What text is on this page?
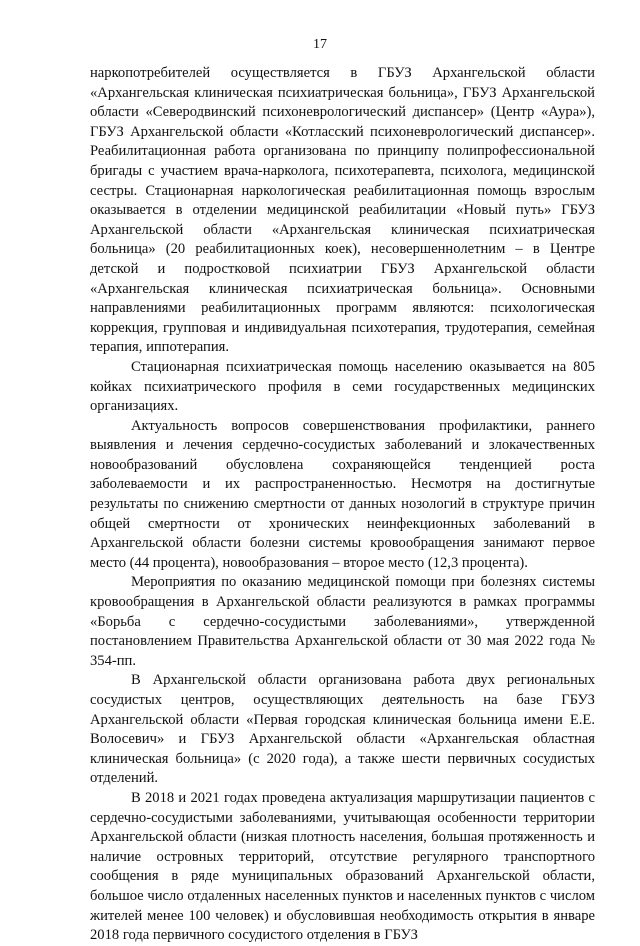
17

наркопотребителей осуществляется в ГБУЗ Архангельской области «Архангельская клиническая психиатрическая больница», ГБУЗ Архангельской области «Северодвинский психоневрологический диспансер» (Центр «Аура»), ГБУЗ Архангельской области «Котласский психоневрологический диспансер». Реабилитационная работа организована по принципу полипрофессиональной бригады с участием врача-нарколога, психотерапевта, психолога, медицинской сестры. Стационарная наркологическая реабилитационная помощь взрослым оказывается в отделении медицинской реабилитации «Новый путь» ГБУЗ Архангельской области «Архангельская клиническая психиатрическая больница» (20 реабилитационных коек), несовершеннолетним – в Центре детской и подростковой психиатрии ГБУЗ Архангельской области «Архангельская клиническая психиатрическая больница». Основными направлениями реабилитационных программ являются: психологическая коррекция, групповая и индивидуальная психотерапия, трудотерапия, семейная терапия, иппотерапия.

Стационарная психиатрическая помощь населению оказывается на 805 койках психиатрического профиля в семи государственных медицинских организациях.

Актуальность вопросов совершенствования профилактики, раннего выявления и лечения сердечно-сосудистых заболеваний и злокачественных новообразований обусловлена сохраняющейся тенденцией роста заболеваемости и их распространенностью. Несмотря на достигнутые результаты по снижению смертности от данных нозологий в структуре причин общей смертности от хронических неинфекционных заболеваний в Архангельской области болезни системы кровообращения занимают первое место (44 процента), новообразования – второе место (12,3 процента).

Мероприятия по оказанию медицинской помощи при болезнях системы кровообращения в Архангельской области реализуются в рамках программы «Борьба с сердечно-сосудистыми заболеваниями», утвержденной постановлением Правительства Архангельской области от 30 мая 2022 года № 354-пп.

В Архангельской области организована работа двух региональных сосудистых центров, осуществляющих деятельность на базе ГБУЗ Архангельской области «Первая городская клиническая больница имени Е.Е. Волосевич» и ГБУЗ Архангельской области «Архангельская областная клиническая больница» (с 2020 года), а также шести первичных сосудистых отделений.

В 2018 и 2021 годах проведена актуализация маршрутизации пациентов с сердечно-сосудистыми заболеваниями, учитывающая особенности территории Архангельской области (низкая плотность населения, большая протяженность и наличие островных территорий, отсутствие регулярного транспортного сообщения в ряде муниципальных образований Архангельской области, большое число отдаленных населенных пунктов и населенных пунктов с числом жителей менее 100 человек) и обусловившая необходимость открытия в январе 2018 года первичного сосудистого отделения в ГБУЗ
